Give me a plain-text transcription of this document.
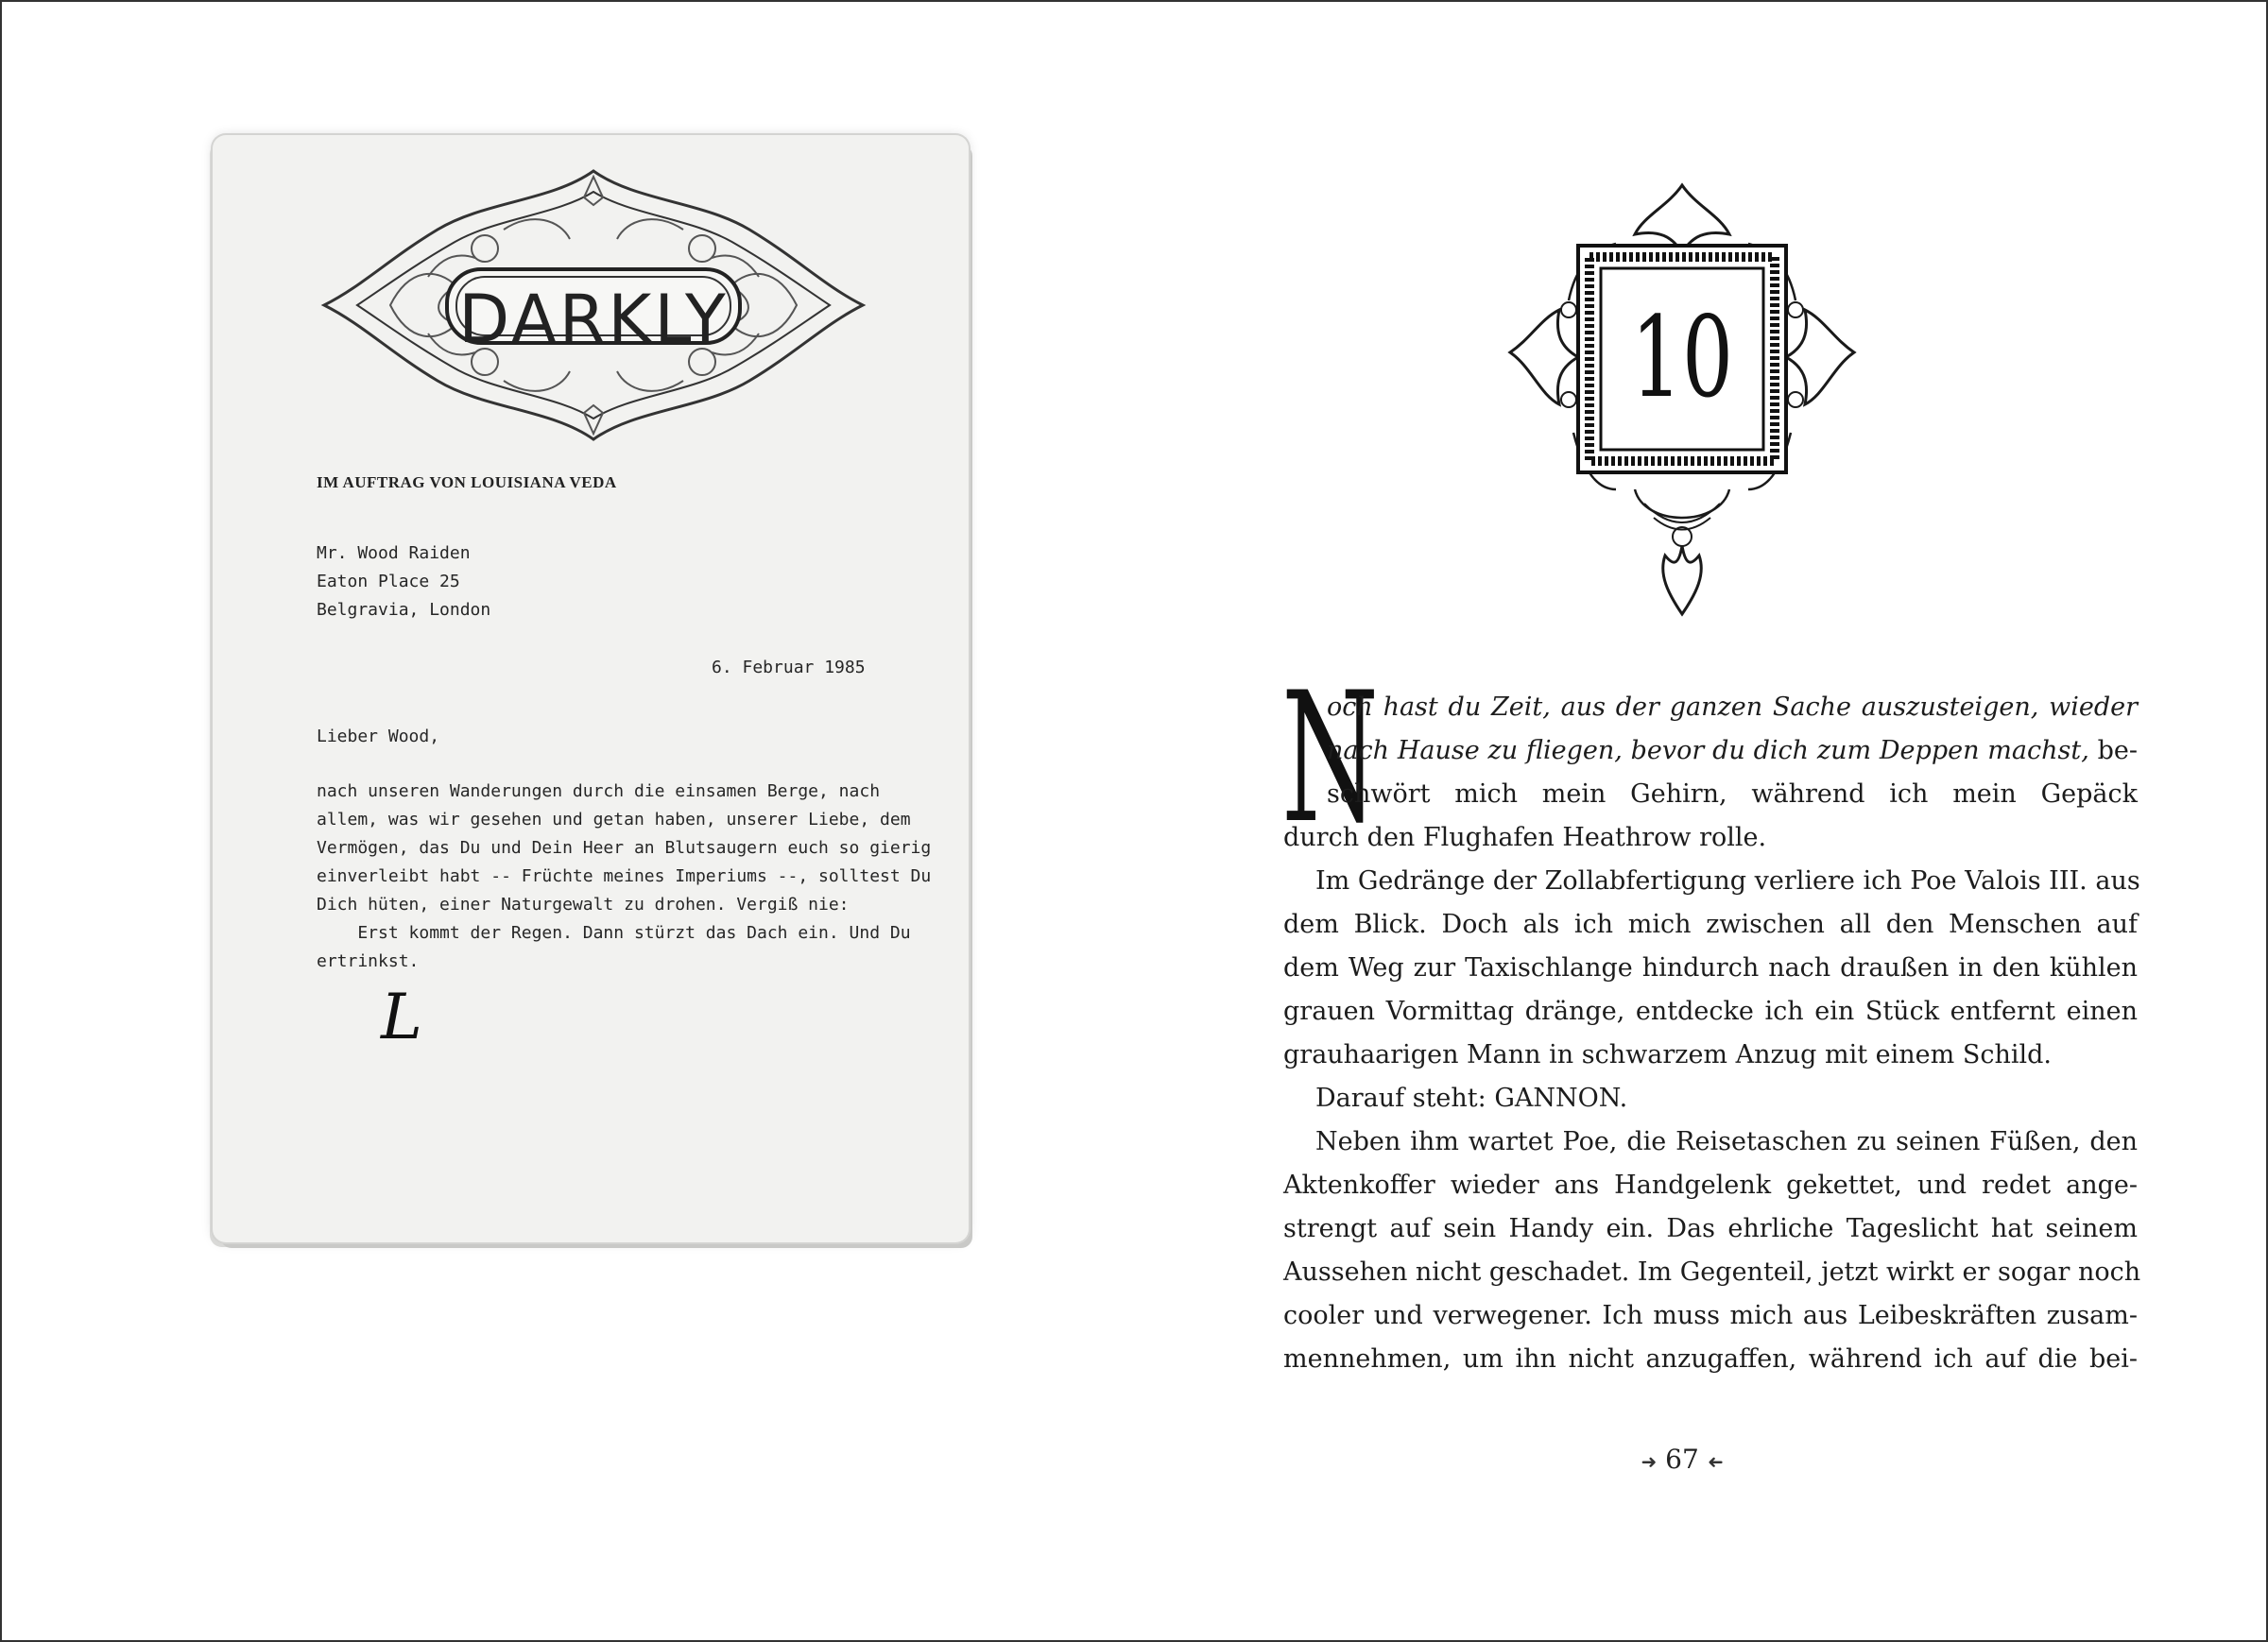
DARKLY
IM AUFTRAG VON LOUISIANA VEDA
Mr. Wood Raiden
Eaton Place 25
Belgravia, London
6. Februar 1985
Lieber Wood,
nach unseren Wanderungen durch die einsamen Berge, nach
allem, was wir gesehen und getan haben, unserer Liebe, dem
Vermögen, das Du und Dein Heer an Blutsaugern euch so gierig
einverleibt habt -- Früchte meines Imperiums --, solltest Du
Dich hüten, einer Naturgewalt zu drohen. Vergiß nie:
Erst kommt der Regen. Dann stürzt das Dach ein. Und Du
ertrinkst.
L
10
N
och hast du Zeit, aus der ganzen Sache auszusteigen, wieder
nach Hause zu fliegen, bevor du dich zum Deppen machst, be-
schwört mich mein Gehirn, während ich mein Gepäck
durch den Flughafen Heathrow rolle.
Im Gedränge der Zollabfertigung verliere ich Poe Valois III. aus
dem Blick. Doch als ich mich zwischen all den Menschen auf
dem Weg zur Taxischlange hindurch nach draußen in den kühlen
grauen Vormittag dränge, entdecke ich ein Stück entfernt einen
grauhaarigen Mann in schwarzem Anzug mit einem Schild.
Darauf steht: GANNON.
Neben ihm wartet Poe, die Reisetaschen zu seinen Füßen, den
Aktenkoffer wieder ans Handgelenk gekettet, und redet ange-
strengt auf sein Handy ein. Das ehrliche Tageslicht hat seinem
Aussehen nicht geschadet. Im Gegenteil, jetzt wirkt er sogar noch
cooler und verwegener. Ich muss mich aus Leibeskräften zusam-
mennehmen, um ihn nicht anzugaffen, während ich auf die bei-
➜ 67 ➜
